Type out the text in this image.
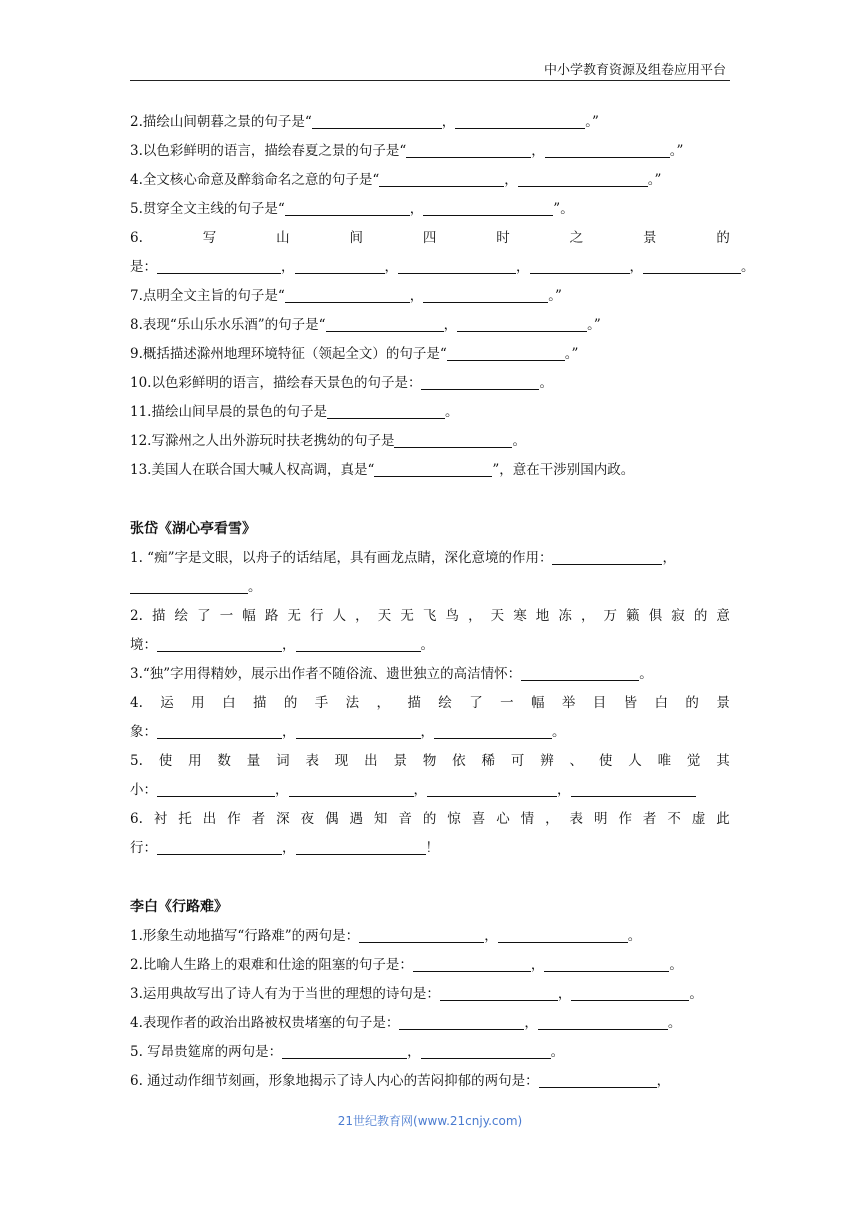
中小学教育资源及组卷应用平台
2.描绘山间朝暮之景的句子是“	，	。”
3.以色彩鲜明的语言，描绘春夏之景的句子是“	，	。”
4.全文核心命意及醉翁命名之意的句子是“	，	。”
5.贯穿全文主线的句子是“	，	”。
6.	写	山	间	四	时	之	景	的
是：	，	，	，	，	。
7.点明全文主旨的句子是“	，	。”
8.表现“乐山乐水乐酒”的句子是“	，	。”
9.概括描述滁州地理环境特征（领起全文）的句子是“	。”
10.以色彩鲜明的语言，描绘春天景色的句子是：	。
11.描绘山间早晨的景色的句子是	。
12.写滁州之人出外游玩时扶老携幼的句子是	。
13.美国人在联合国大喊人权高调，真是“	”，意在干涉别国内政。
张岱《湖心亭看雪》
1. “痴”字是文眼，以舟子的话结尾，具有画龙点睛，深化意境的作用：	，
。
2. 描 绘 了 一 幅 路 无 行 人 ， 天 无 飞 鸟 ， 天 寒 地 冻 ， 万 籁 俱 寂 的 意
境：	，	。
3.“独”字用得精妙，展示出作者不随俗流、遗世独立的高洁情怀：	。
4. 运 用 白 描 的 手 法 ， 描 绘 了 一 幅 举 目 皆 白 的 景
象：	，	，	。
5. 使 用 数 量 词 表 现 出 景 物 依 稀 可 辨 、 使 人 唯 觉 其
小：	，	，	，
6. 衬 托 出 作 者 深 夜 偶 遇 知 音 的 惊 喜 心 情 ， 表 明 作 者 不 虚 此
行：	，	！
李白《行路难》
1.形象生动地描写“行路难”的两句是：	，	。
2.比喻人生路上的艰难和仕途的阻塞的句子是：	，	。
3.运用典故写出了诗人有为于当世的理想的诗句是：	，	。
4.表现作者的政治出路被权贵堵塞的句子是：	，	。
5. 写昂贵筵席的两句是：	，	。
6. 通过动作细节刻画，形象地揭示了诗人内心的苦闷抑郁的两句是：	，
21世纪教育网(www.21cnjy.com)
